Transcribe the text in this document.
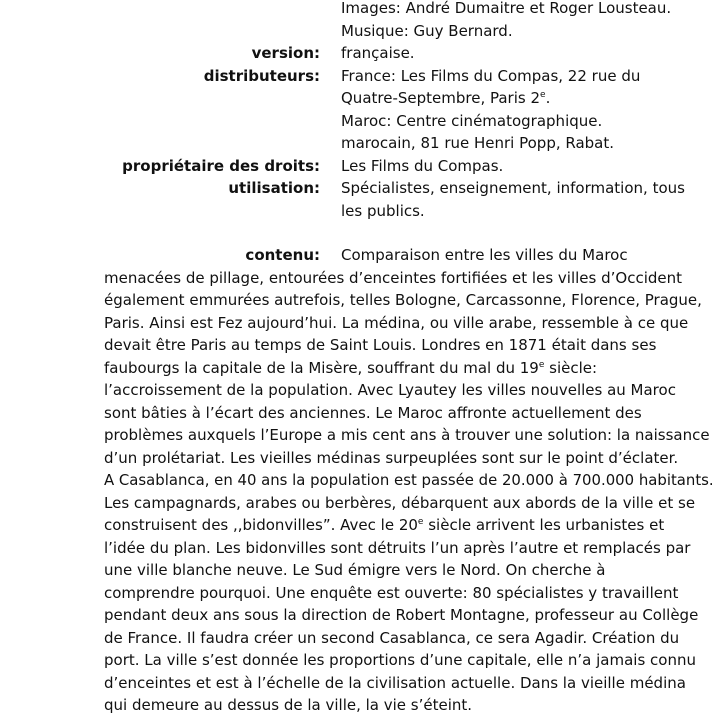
Images: André Dumaitre et Roger Lousteau.
Musique: Guy Bernard.
version: française.
distributeurs: France: Les Films du Compas, 22 rue du
Quatre-Septembre, Paris 2e.
Maroc: Centre cinématographique.
marocain, 81 rue Henri Popp, Rabat.
propriétaire des droits: Les Films du Compas.
utilisation: Spécialistes, enseignement, information, tous
les publics.
contenu: Comparaison entre les villes du Maroc
menacées de pillage, entourées d’enceintes fortifiées et les villes d’Occident
également emmurées autrefois, telles Bologne, Carcassonne, Florence, Prague,
Paris. Ainsi est Fez aujourd’hui. La médina, ou ville arabe, ressemble à ce que
devait être Paris au temps de Saint Louis. Londres en 1871 était dans ses
faubourgs la capitale de la Misère, souffrant du mal du 19e siècle:
l’accroissement de la population. Avec Lyautey les villes nouvelles au Maroc
sont bâties à l’écart des anciennes. Le Maroc affronte actuellement des
problèmes auxquels l’Europe a mis cent ans à trouver une solution: la naissance
d’un prolétariat. Les vieilles médinas surpeuplées sont sur le point d’éclater.
A Casablanca, en 40 ans la population est passée de 20.000 à 700.000 habitants.
Les campagnards, arabes ou berbères, débarquent aux abords de la ville et se
construisent des ,,bidonvilles”. Avec le 20e siècle arrivent les urbanistes et
l’idée du plan. Les bidonvilles sont détruits l’un après l’autre et remplacés par
une ville blanche neuve. Le Sud émigre vers le Nord. On cherche à
comprendre pourquoi. Une enquête est ouverte: 80 spécialistes y travaillent
pendant deux ans sous la direction de Robert Montagne, professeur au Collège
de France. Il faudra créer un second Casablanca, ce sera Agadir. Création du
port. La ville s’est donnée les proportions d’une capitale, elle n’a jamais connu
d’enceintes et est à l’échelle de la civilisation actuelle. Dans la vieille médina
qui demeure au dessus de la ville, la vie s’éteint.
